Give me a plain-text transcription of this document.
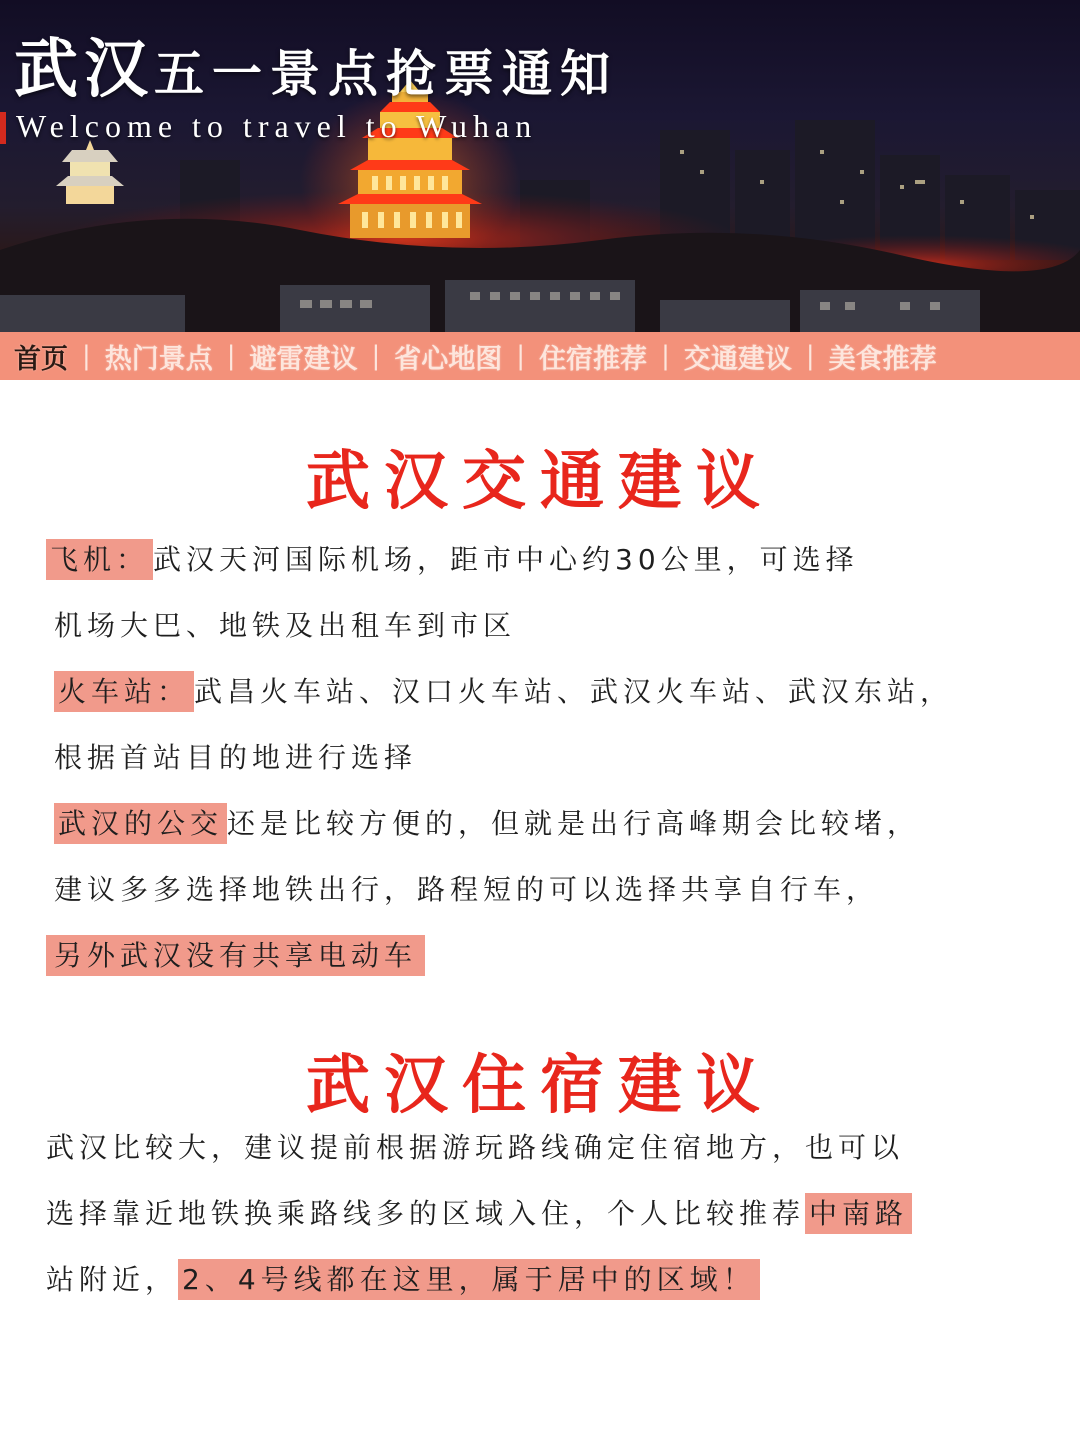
武汉五一景点抢票通知

Welcome to travel to Wuhan

首页 | 热门景点 | 避雷建议 | 省心地图 | 住宿推荐 | 交通建议 | 美食推荐
武汉交通建议

飞机： 武汉天河国际机场，距市中心约30公里，可选择

机场大巴、地铁及出租车到市区

火车站： 武昌火车站、汉口火车站、武汉火车站、武汉东站，

根据首站目的地进行选择

武汉的公交 还是比较方便的，但就是出行高峰期会比较堵，

建议多多选择地铁出行，路程短的可以选择共享自行车，

另外武汉没有共享电动车

武汉住宿建议

武汉比较大，建议提前根据游玩路线确定住宿地方，也可以

选择靠近地铁换乘路线多的区域入住，个人比较推荐 中南路

站附近， 2、4号线都在这里，属于居中的区域！
